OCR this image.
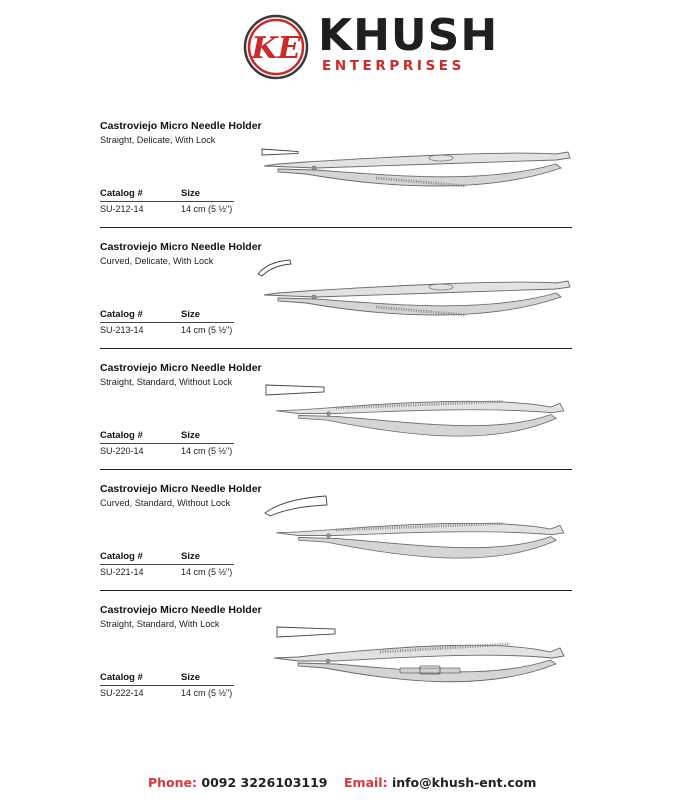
KE KHUSH
ENTERPRISES
Castroviejo Micro Needle Holder
Straight, Delicate, With Lock
Catalog #	Size
SU-212-14	14 cm (5 ½")
Castroviejo Micro Needle Holder
Curved, Delicate, With Lock
Catalog #	Size
SU-213-14	14 cm (5 ½")
Castroviejo Micro Needle Holder
Straight, Standard, Without Lock
Catalog #	Size
SU-220-14	14 cm (5 ½")
Castroviejo Micro Needle Holder
Curved, Standard, Without Lock
Catalog #	Size
SU-221-14	14 cm (5 ½")
Castroviejo Micro Needle Holder
Straight, Standard, With Lock
Catalog #	Size
SU-222-14	14 cm (5 ½")
Phone: 0092 3226103119 Email: info@khush-ent.com
